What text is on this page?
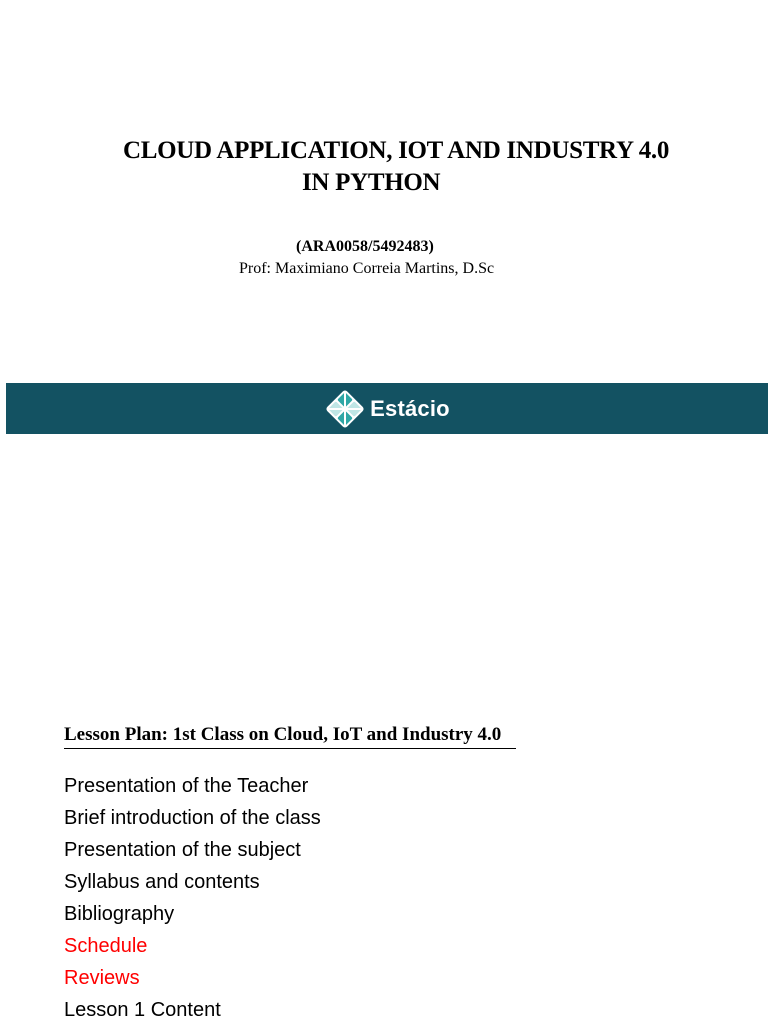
CLOUD APPLICATION, IOT AND INDUSTRY 4.0
IN PYTHON
(ARA0058/5492483)
Prof: Maximiano Correia Martins, D.Sc
Estácio
Lesson Plan: 1st Class on Cloud, IoT and Industry 4.0
Presentation of the Teacher
Brief introduction of the class
Presentation of the subject
Syllabus and contents
Bibliography
Schedule
Reviews
Lesson 1 Content
